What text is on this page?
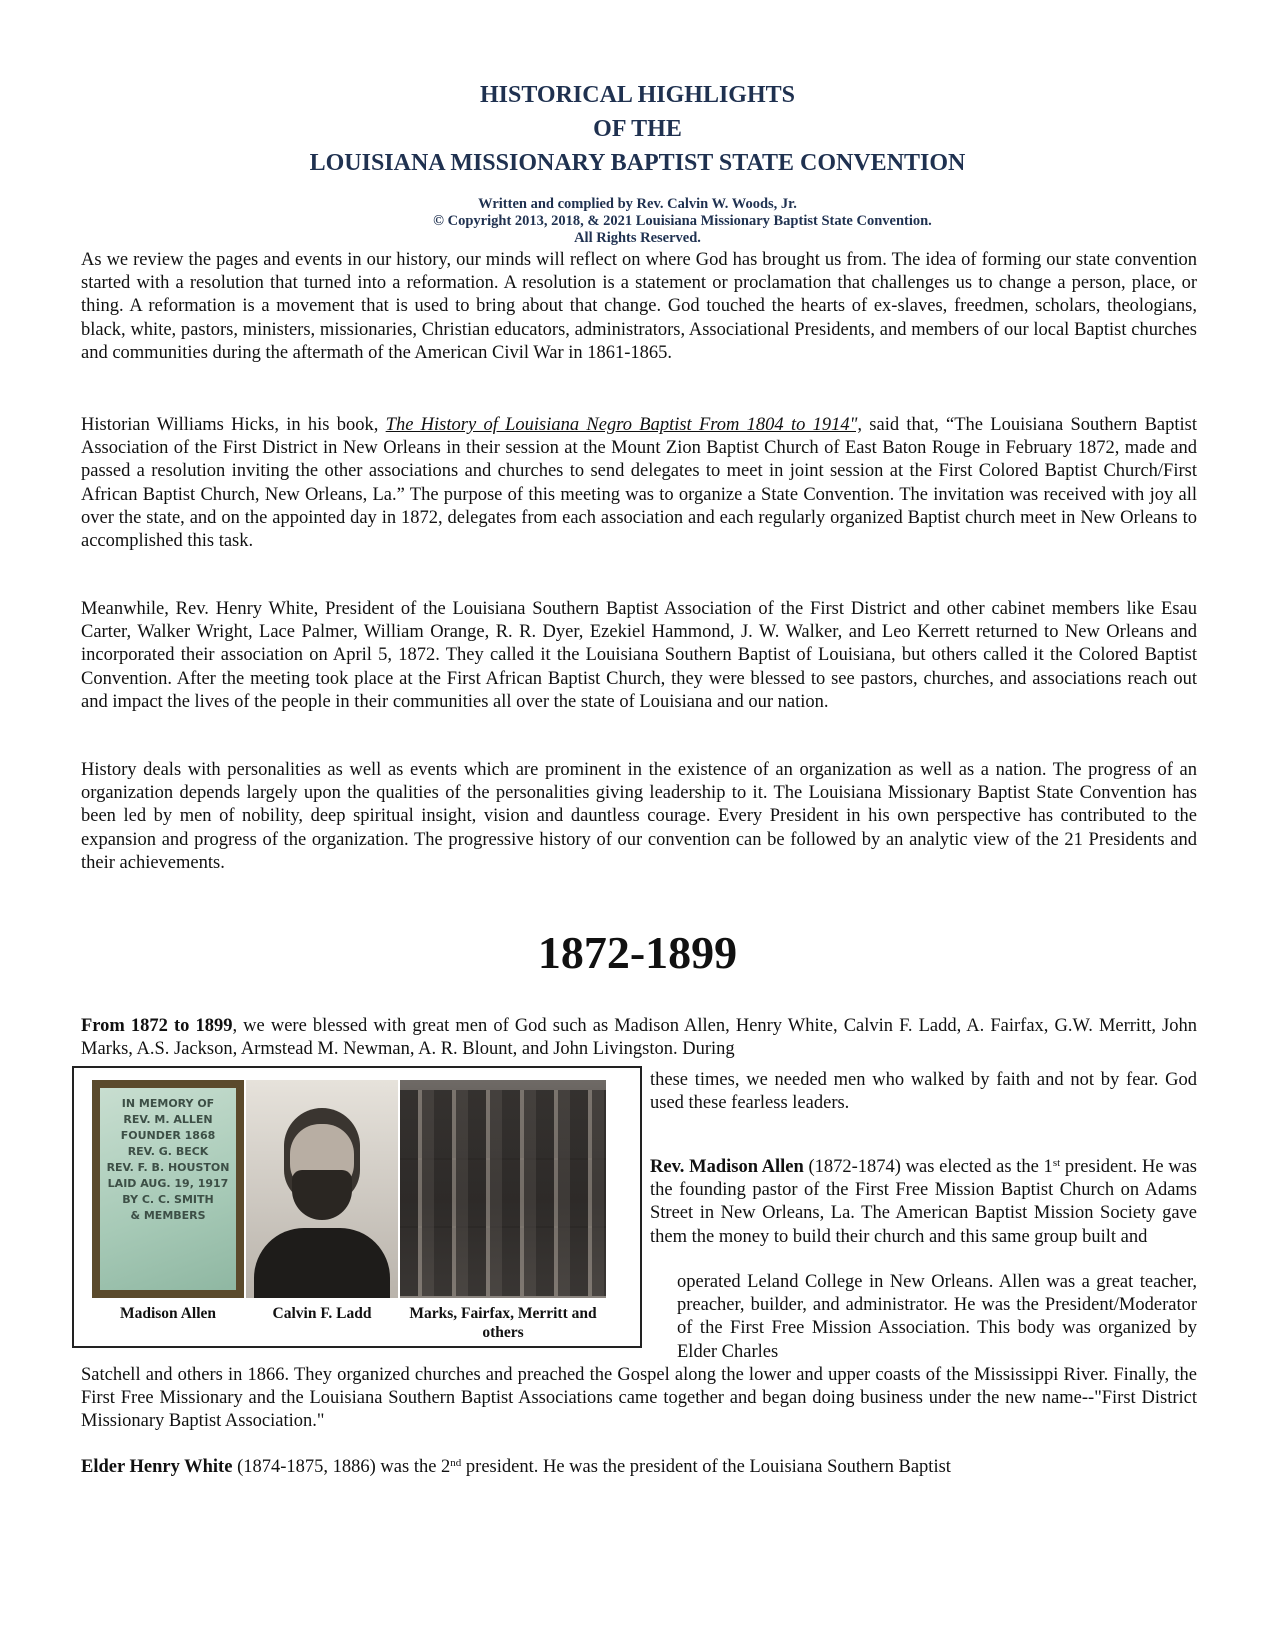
HISTORICAL HIGHLIGHTS
OF THE
LOUISIANA MISSIONARY BAPTIST STATE CONVENTION
Written and complied by Rev. Calvin W. Woods, Jr.
© Copyright 2013, 2018, & 2021 Louisiana Missionary Baptist State Convention.
All Rights Reserved.

As we review the pages and events in our history, our minds will reflect on where God has brought us from. The idea of forming our state convention started with a resolution that turned into a reformation. A resolution is a statement or proclamation that challenges us to change a person, place, or thing. A reformation is a movement that is used to bring about that change. God touched the hearts of ex-slaves, freedmen, scholars, theologians, black, white, pastors, ministers, missionaries, Christian educators, administrators, Associational Presidents, and members of our local Baptist churches and communities during the aftermath of the American Civil War in 1861-1865.

Historian Williams Hicks, in his book, The History of Louisiana Negro Baptist From 1804 to 1914", said that, “The Louisiana Southern Baptist Association of the First District in New Orleans in their session at the Mount Zion Baptist Church of East Baton Rouge in February 1872, made and passed a resolution inviting the other associations and churches to send delegates to meet in joint session at the First Colored Baptist Church/First African Baptist Church, New Orleans, La.” The purpose of this meeting was to organize a State Convention. The invitation was received with joy all over the state, and on the appointed day in 1872, delegates from each association and each regularly organized Baptist church meet in New Orleans to accomplished this task.

Meanwhile, Rev. Henry White, President of the Louisiana Southern Baptist Association of the First District and other cabinet members like Esau Carter, Walker Wright, Lace Palmer, William Orange, R. R. Dyer, Ezekiel Hammond, J. W. Walker, and Leo Kerrett returned to New Orleans and incorporated their association on April 5, 1872. They called it the Louisiana Southern Baptist of Louisiana, but others called it the Colored Baptist Convention. After the meeting took place at the First African Baptist Church, they were blessed to see pastors, churches, and associations reach out and impact the lives of the people in their communities all over the state of Louisiana and our nation.

History deals with personalities as well as events which are prominent in the existence of an organization as well as a nation. The progress of an organization depends largely upon the qualities of the personalities giving leadership to it. The Louisiana Missionary Baptist State Convention has been led by men of nobility, deep spiritual insight, vision and dauntless courage. Every President in his own perspective has contributed to the expansion and progress of the organization. The progressive history of our convention can be followed by an analytic view of the 21 Presidents and their achievements.

1872-1899

From 1872 to 1899, we were blessed with great men of God such as Madison Allen, Henry White, Calvin F. Ladd, A. Fairfax, G.W. Merritt, John Marks, A.S. Jackson, Armstead M. Newman, A. R. Blount, and John Livingston. During

IN MEMORY OF
REV. M. ALLEN
FOUNDER 1868
REV. G. BECK
REV. F. B. HOUSTON
LAID AUG. 19, 1917
BY C. C. SMITH
& MEMBERS
Madison Allen	Calvin F. Ladd	Marks, Fairfax, Merritt and others

these times, we needed men who walked by faith and not by fear. God used these fearless leaders.

Rev. Madison Allen (1872-1874) was elected as the 1st president. He was the founding pastor of the First Free Mission Baptist Church on Adams Street in New Orleans, La. The American Baptist Mission Society gave them the money to build their church and this same group built and

operated Leland College in New Orleans. Allen was a great teacher, preacher, builder, and administrator. He was the President/Moderator of the First Free Mission Association. This body was organized by Elder Charles

Satchell and others in 1866. They organized churches and preached the Gospel along the lower and upper coasts of the Mississippi River. Finally, the First Free Missionary and the Louisiana Southern Baptist Associations came together and began doing business under the new name--"First District Missionary Baptist Association."

Elder Henry White (1874-1875, 1886) was the 2nd president. He was the president of the Louisiana Southern Baptist
